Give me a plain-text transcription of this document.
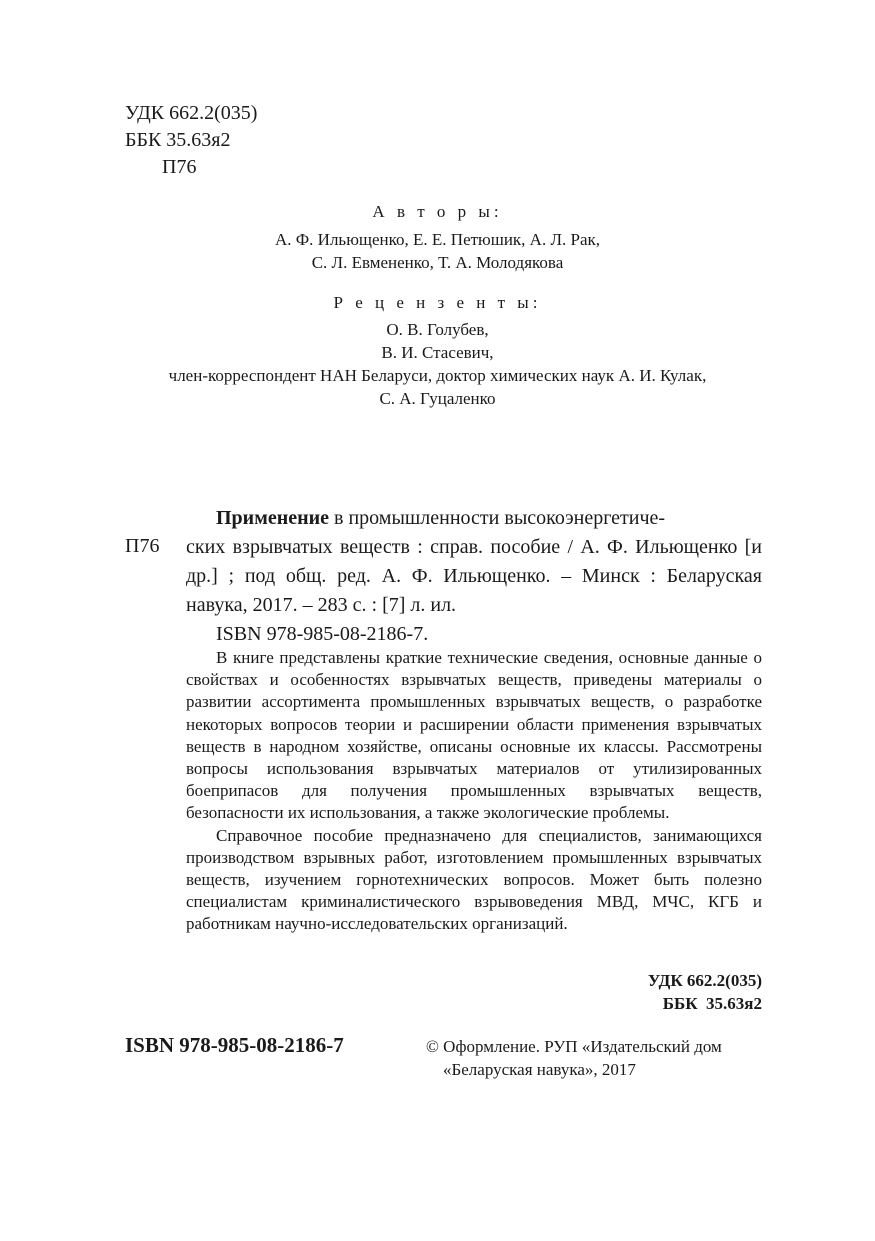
УДК 662.2(035)
ББК 35.63я2
П76
А в т о р ы:
А. Ф. Ильющенко, Е. Е. Петюшик, А. Л. Рак,
С. Л. Евмененко, Т. А. Молодякова
Р е ц е н з е н т ы:
О. В. Голубев,
В. И. Стасевич,
член-корреспондент НАН Беларуси, доктор химических наук А. И. Кулак,
С. А. Гуцаленко
П76
Применение в промышленности высокоэнергетиче-
ских взрывчатых веществ : справ. пособие / А. Ф. Ильющенко [и др.] ; под общ. ред. А. Ф. Ильющенко. – Минск : Беларуская навука, 2017. – 283 с. : [7] л. ил.
ISBN 978-985-08-2186-7.

В книге представлены краткие технические сведения, основные данные о свойствах и особенностях взрывчатых веществ, приведены материалы о развитии ассортимента промышленных взрывчатых веществ, о разработке некоторых вопросов теории и расширении области применения взрывчатых веществ в народном хозяйстве, описаны основные их классы. Рассмотрены вопросы использования взрывчатых материалов от утилизированных боеприпасов для получения промышленных взрывчатых веществ, безопасности их использования, а также экологические проблемы.

Справочное пособие предназначено для специалистов, занимающихся производством взрывных работ, изготовлением промышленных взрывчатых веществ, изучением горнотехнических вопросов. Может быть полезно специалистам криминалистического взрывоведения МВД, МЧС, КГБ и работникам научно-исследовательских организаций.

УДК 662.2(035)
ББК  35.63я2
ISBN 978-985-08-2186-7	© Оформление. РУП «Издательский дом
«Беларуская навука», 2017
